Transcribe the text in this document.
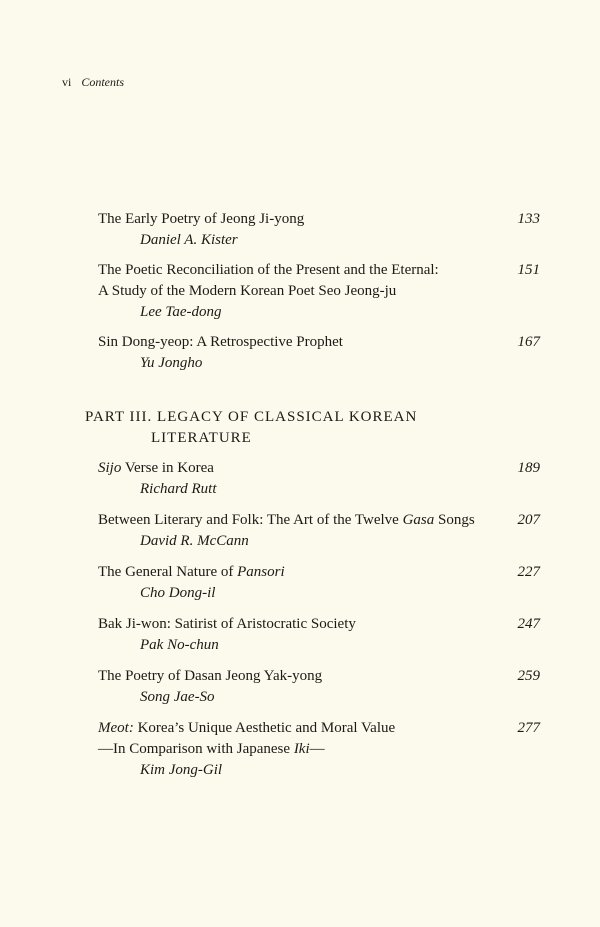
vi Contents
The Early Poetry of Jeong Ji-yong
Daniel A. Kister
133
The Poetic Reconciliation of the Present and the Eternal:
A Study of the Modern Korean Poet Seo Jeong-ju
Lee Tae-dong
151
Sin Dong-yeop: A Retrospective Prophet
Yu Jongho
167
PART III. LEGACY OF CLASSICAL KOREAN
LITERATURE
Sijo Verse in Korea
Richard Rutt
189
Between Literary and Folk: The Art of the Twelve Gasa Songs
David R. McCann
207
The General Nature of Pansori
Cho Dong-il
227
Bak Ji-won: Satirist of Aristocratic Society
Pak No-chun
247
The Poetry of Dasan Jeong Yak-yong
Song Jae-So
259
Meot: Korea’s Unique Aesthetic and Moral Value
—In Comparison with Japanese Iki—
Kim Jong-Gil
277
